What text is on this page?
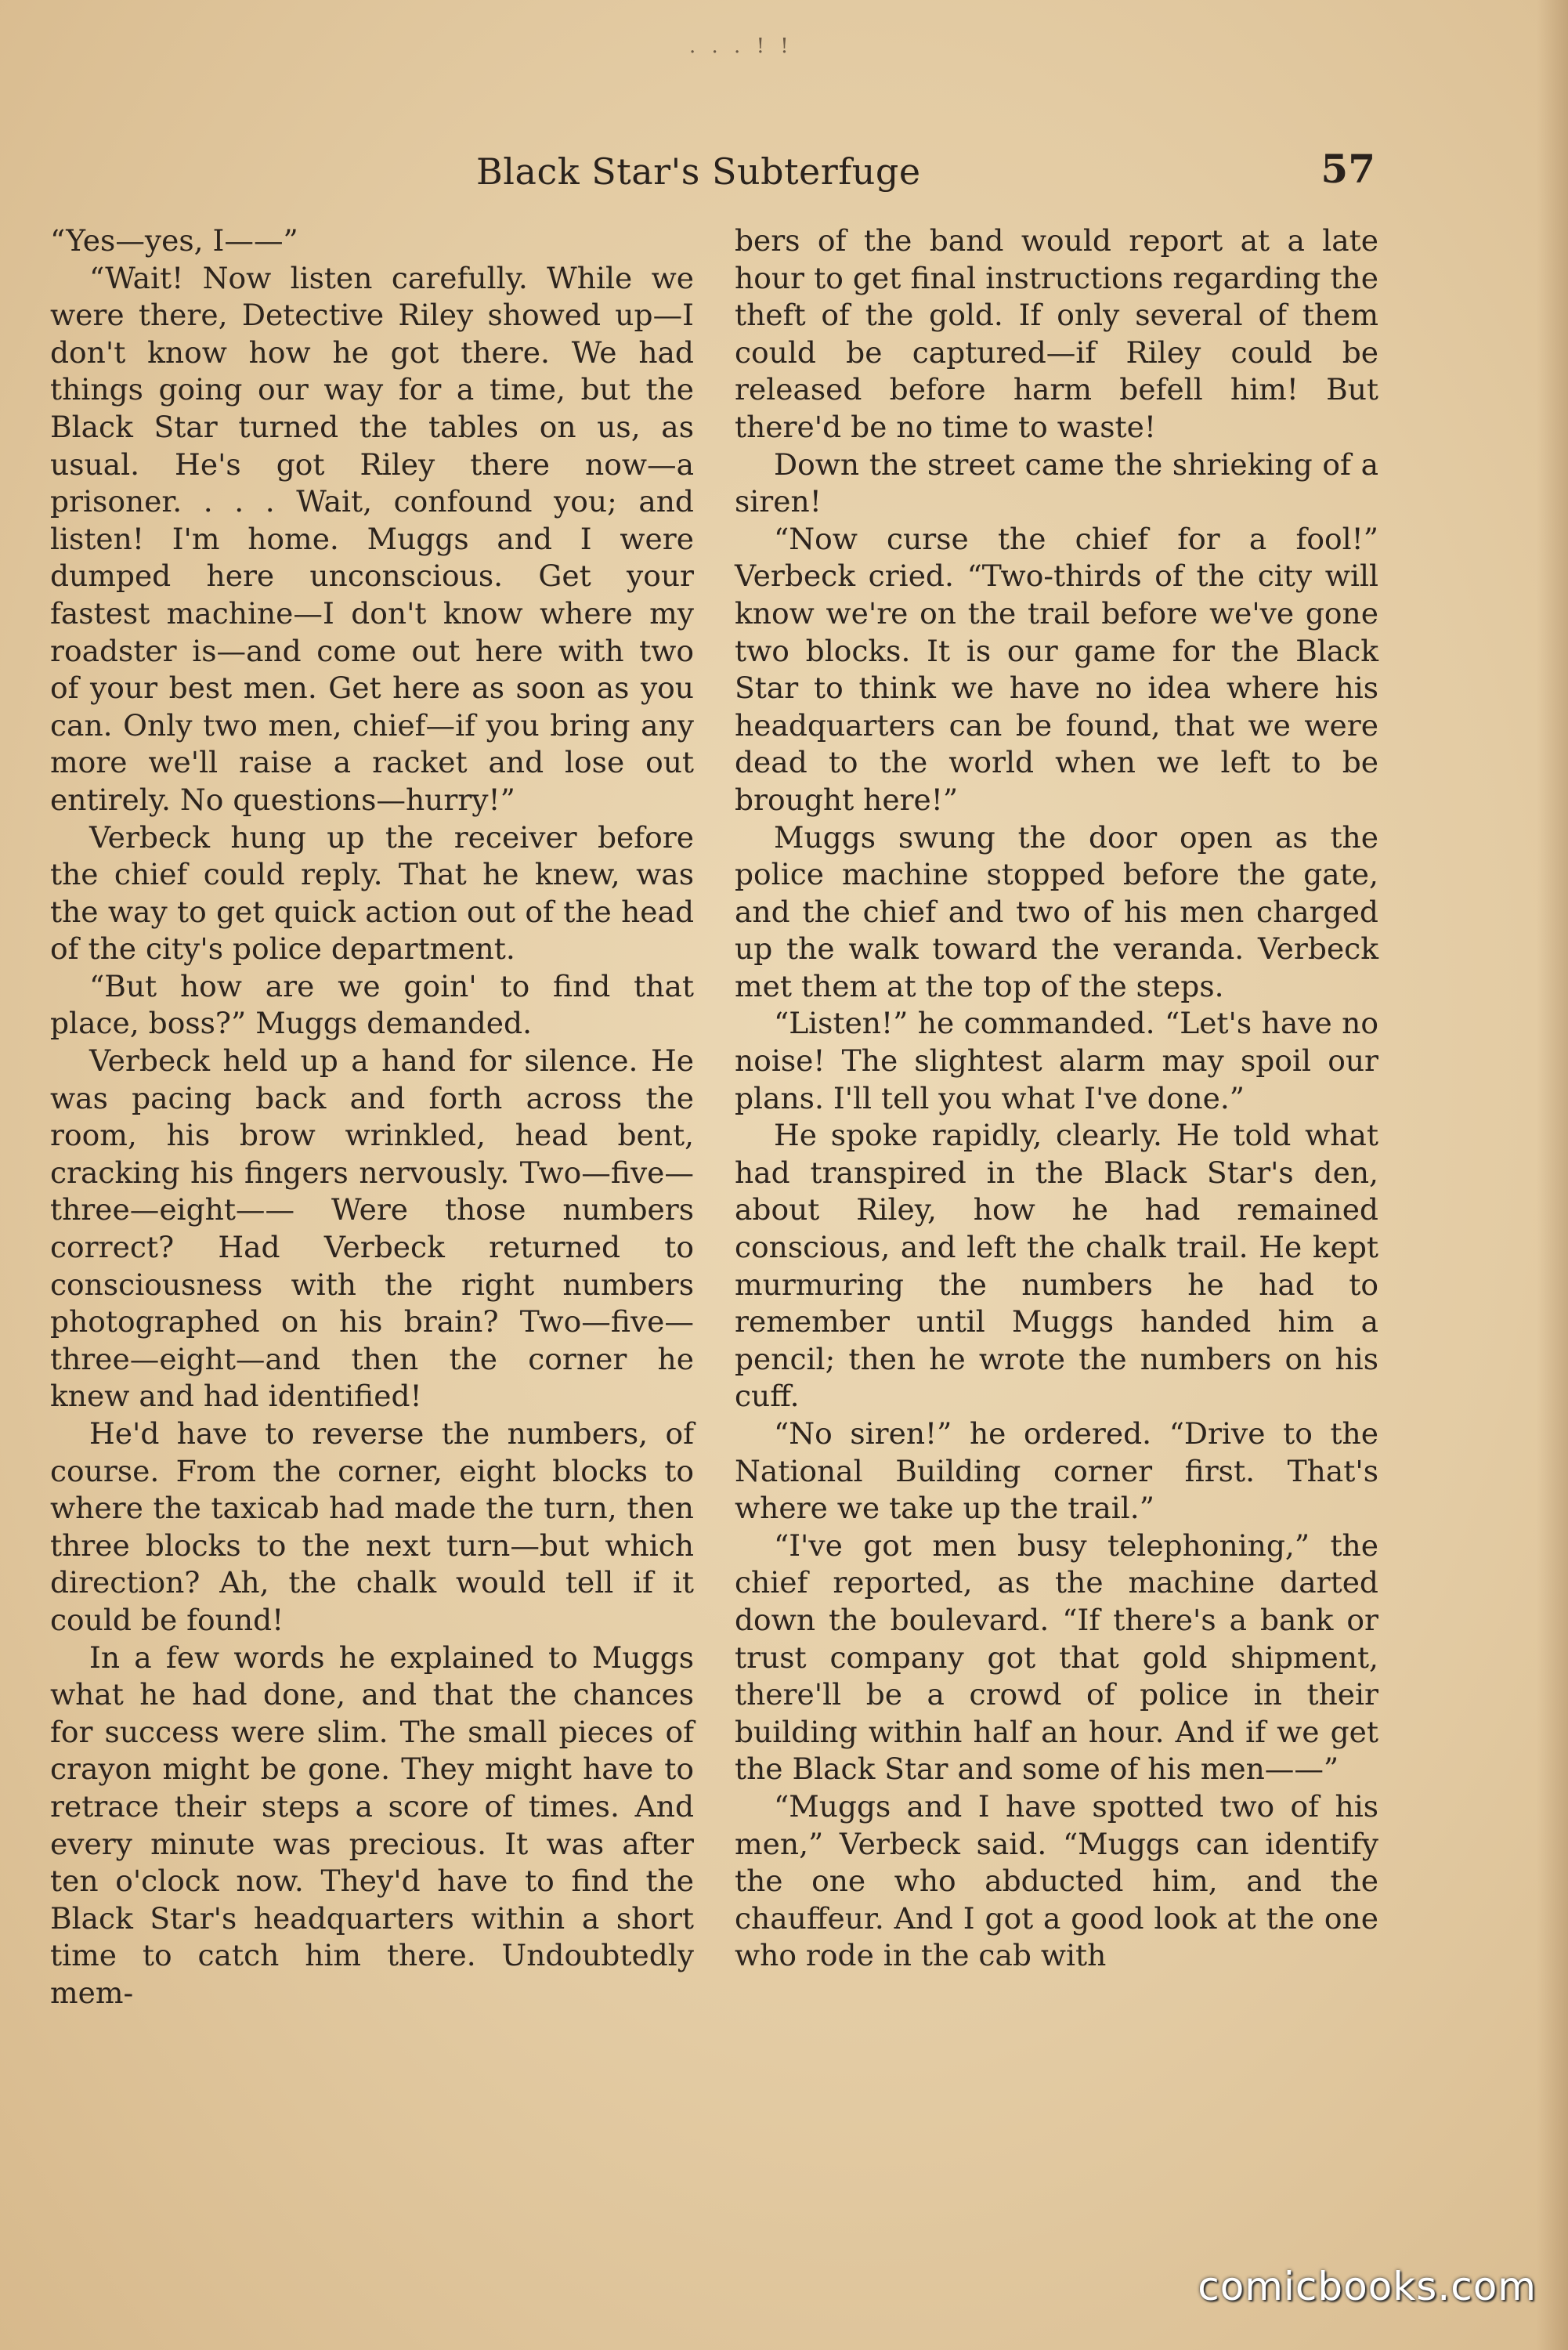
. . . ! !
Black Star's Subterfuge	57

“Yes—yes, I——”

“Wait! Now listen carefully. While we were there, Detective Riley showed up—I don't know how he got there. We had things going our way for a time, but the Black Star turned the tables on us, as usual. He's got Riley there now—a prisoner. . . . Wait, confound you; and listen! I'm home. Muggs and I were dumped here unconscious. Get your fastest machine—I don't know where my roadster is—and come out here with two of your best men. Get here as soon as you can. Only two men, chief—if you bring any more we'll raise a racket and lose out entirely. No questions—hurry!”

Verbeck hung up the receiver before the chief could reply. That he knew, was the way to get quick action out of the head of the city's police department.

“But how are we goin' to find that place, boss?” Muggs demanded.

Verbeck held up a hand for silence. He was pacing back and forth across the room, his brow wrinkled, head bent, cracking his fingers nervously. Two—five—three—eight—— Were those numbers correct? Had Verbeck returned to consciousness with the right numbers photographed on his brain? Two—five—three—eight—and then the corner he knew and had identified!

He'd have to reverse the numbers, of course. From the corner, eight blocks to where the taxicab had made the turn, then three blocks to the next turn—but which direction? Ah, the chalk would tell if it could be found!

In a few words he explained to Muggs what he had done, and that the chances for success were slim. The small pieces of crayon might be gone. They might have to retrace their steps a score of times. And every minute was precious. It was after ten o'clock now. They'd have to find the Black Star's headquarters within a short time to catch him there. Undoubtedly mem-

bers of the band would report at a late hour to get final instructions regarding the theft of the gold. If only several of them could be captured—if Riley could be released before harm befell him! But there'd be no time to waste!

Down the street came the shrieking of a siren!

“Now curse the chief for a fool!” Verbeck cried. “Two-thirds of the city will know we're on the trail before we've gone two blocks. It is our game for the Black Star to think we have no idea where his headquarters can be found, that we were dead to the world when we left to be brought here!”

Muggs swung the door open as the police machine stopped before the gate, and the chief and two of his men charged up the walk toward the veranda. Verbeck met them at the top of the steps.

“Listen!” he commanded. “Let's have no noise! The slightest alarm may spoil our plans. I'll tell you what I've done.”

He spoke rapidly, clearly. He told what had transpired in the Black Star's den, about Riley, how he had remained conscious, and left the chalk trail. He kept murmuring the numbers he had to remember until Muggs handed him a pencil; then he wrote the numbers on his cuff.

“No siren!” he ordered. “Drive to the National Building corner first. That's where we take up the trail.”

“I've got men busy telephoning,” the chief reported, as the machine darted down the boulevard. “If there's a bank or trust company got that gold shipment, there'll be a crowd of police in their building within half an hour. And if we get the Black Star and some of his men——”

“Muggs and I have spotted two of his men,” Verbeck said. “Muggs can identify the one who abducted him, and the chauffeur. And I got a good look at the one who rode in the cab with

comicbooks.com
